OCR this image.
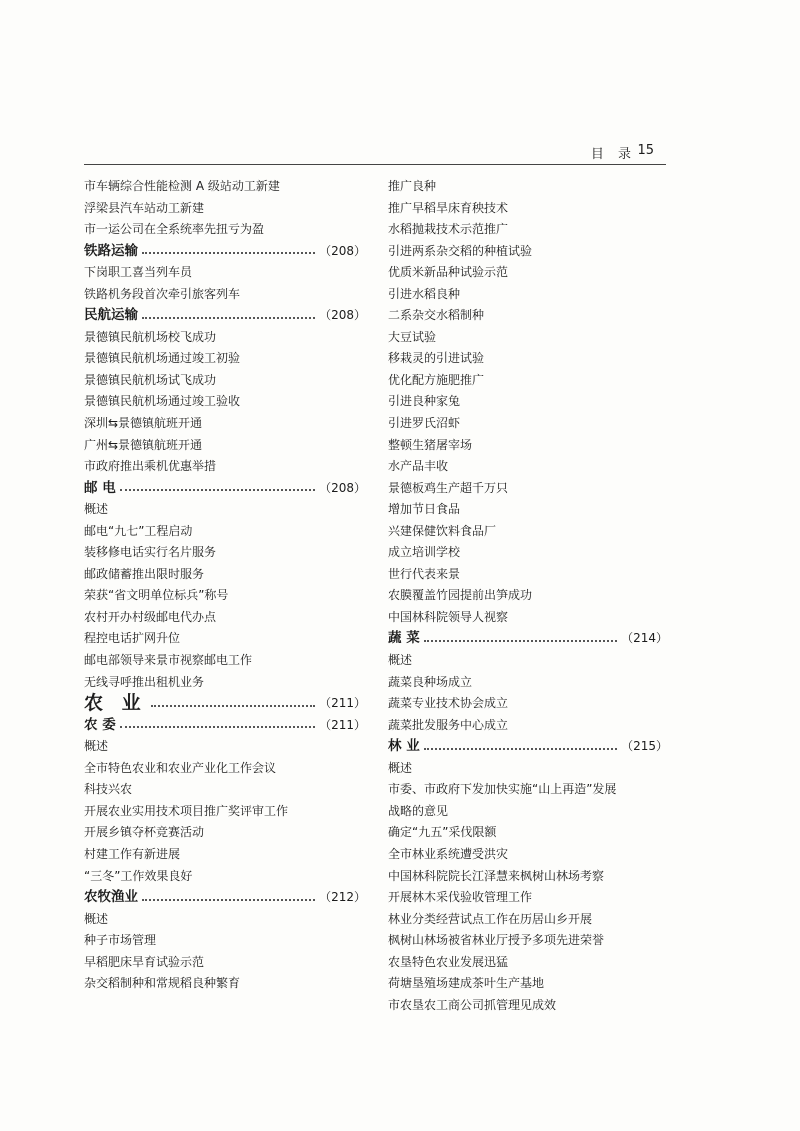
目 录 15
市车辆综合性能检测 A 级站动工新建
浮梁县汽车站动工新建
市一运公司在全系统率先扭亏为盈
铁路运输	（208）
下岗职工喜当列车员
铁路机务段首次牵引旅客列车
民航运输	（208）
景德镇民航机场校飞成功
景德镇民航机场通过竣工初验
景德镇民航机场试飞成功
景德镇民航机场通过竣工验收
深圳⇆景德镇航班开通
广州⇆景德镇航班开通
市政府推出乘机优惠举措
邮 电	（208）
概述
邮电“九七”工程启动
装移修电话实行名片服务
邮政储蓄推出限时服务
荣获“省文明单位标兵”称号
农村开办村级邮电代办点
程控电话扩网升位
邮电部领导来景市视察邮电工作
无线寻呼推出租机业务
农 业	（211）
农 委	（211）
概述
全市特色农业和农业产业化工作会议
科技兴农
开展农业实用技术项目推广奖评审工作
开展乡镇夺杯竞赛活动
村建工作有新进展
“三冬”工作效果良好
农牧渔业	（212）
概述
种子市场管理
早稻肥床旱育试验示范
杂交稻制种和常规稻良种繁育
推广良种
推广早稻旱床育秧技术
水稻抛栽技术示范推广
引进两系杂交稻的种植试验
优质米新品种试验示范
引进水稻良种
二系杂交水稻制种
大豆试验
移栽灵的引进试验
优化配方施肥推广
引进良种家兔
引进罗氏沼虾
整顿生猪屠宰场
水产品丰收
景德板鸡生产超千万只
增加节日食品
兴建保健饮料食品厂
成立培训学校
世行代表来景
农膜覆盖竹园提前出笋成功
中国林科院领导人视察
蔬 菜	（214）
概述
蔬菜良种场成立
蔬菜专业技术协会成立
蔬菜批发服务中心成立
林 业	（215）
概述
市委、市政府下发加快实施“山上再造”发展
战略的意见
确定“九五”采伐限额
全市林业系统遭受洪灾
中国林科院院长江泽慧来枫树山林场考察
开展林木采伐验收管理工作
林业分类经营试点工作在历居山乡开展
枫树山林场被省林业厅授予多项先进荣誉
农垦特色农业发展迅猛
荷塘垦殖场建成茶叶生产基地
市农垦农工商公司抓管理见成效
